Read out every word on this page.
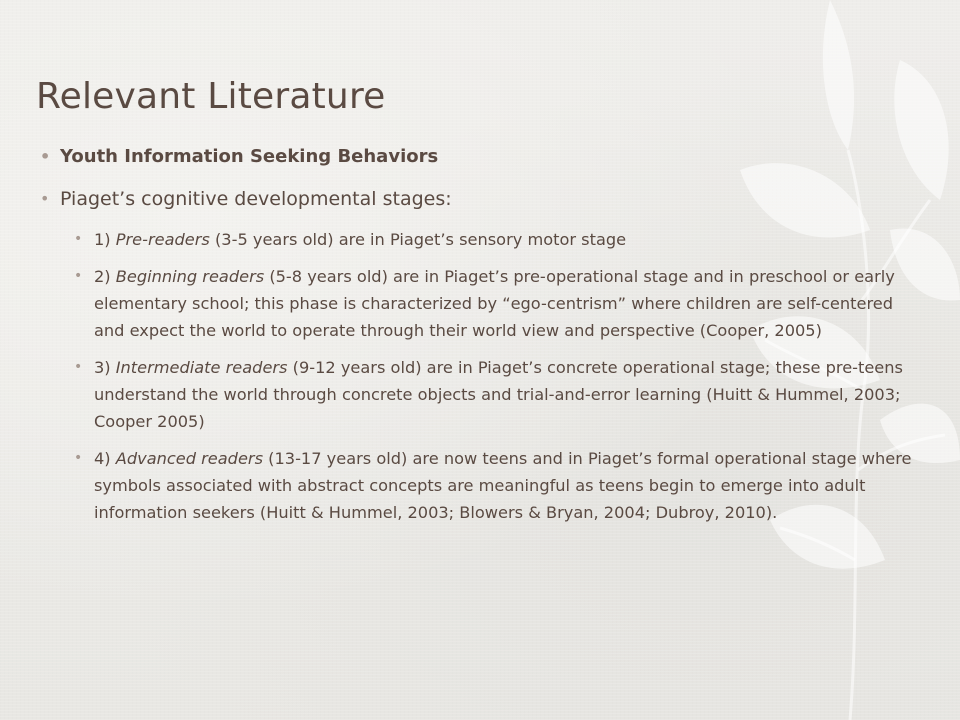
Relevant Literature
• Youth Information Seeking Behaviors
• Piaget’s cognitive developmental stages:
• 1) Pre-readers (3-5 years old) are in Piaget’s sensory motor stage
• 2) Beginning readers (5-8 years old) are in Piaget’s pre-operational stage and in preschool or early elementary school; this phase is characterized by “ego-centrism” where children are self-centered and expect the world to operate through their world view and perspective (Cooper, 2005)
• 3) Intermediate readers (9-12 years old) are in Piaget’s concrete operational stage; these pre-teens understand the world through concrete objects and trial-and-error learning (Huitt & Hummel, 2003; Cooper 2005)
• 4) Advanced readers (13-17 years old) are now teens and in Piaget’s formal operational stage where symbols associated with abstract concepts are meaningful as teens begin to emerge into adult information seekers (Huitt & Hummel, 2003; Blowers & Bryan, 2004; Dubroy, 2010).
